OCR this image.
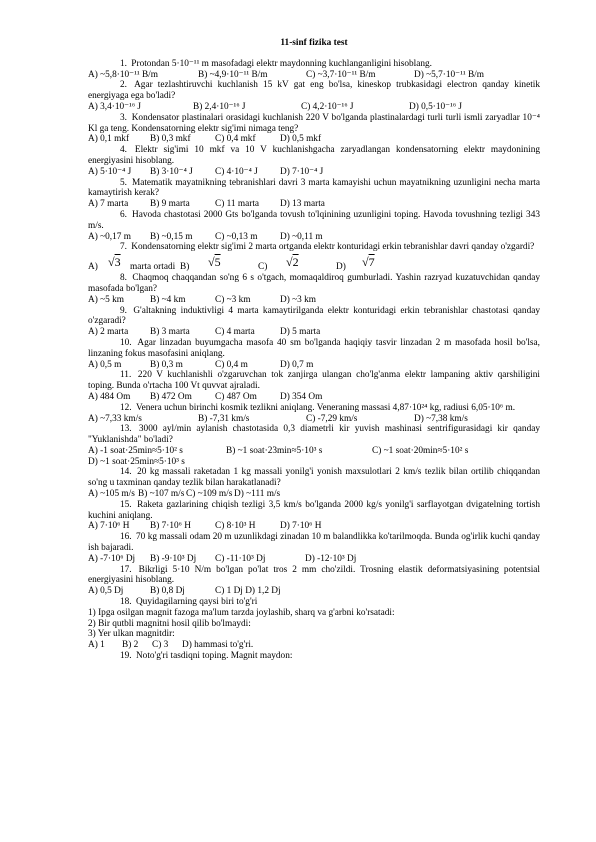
11-sinf fizika test

1. Protondan 5·10⁻¹¹ m masofadagi elektr maydonning kuchlanganligini hisoblang.

A) ~5,8·10⁻¹¹ B/m	B) ~4,9·10⁻¹¹ B/m	C) ~3,7·10⁻¹¹ B/m	D) ~5,7·10⁻¹¹ B/m

2. Agar tezlashtiruvchi kuchlanish 15 kV gat eng bo'lsa, kineskop trubkasidagi electron qanday kinetik energiyaga ega bo'ladi?

A) 3,4·10⁻¹⁶ J	B) 2,4·10⁻¹⁶ J	C) 4,2·10⁻¹⁶ J	D) 0,5·10⁻¹⁶ J

3. Kondensator plastinalari orasidagi kuchlanish 220 V bo'lganda plastinalardagi turli turli ismli zaryadlar 10⁻⁴ Kl ga teng. Kondensatorning elektr sig'imi nimaga teng?

A) 0,1 mkf	B) 0,3 mkf	C) 0,4 mkf	D) 0,5 mkf

4. Elektr sig'imi 10 mkf va 10 V kuchlanishgacha zaryadlangan kondensatorning elektr maydonining energiyasini hisoblang.

A) 5·10⁻⁴ J	B) 3·10⁻⁴ J	C) 4·10⁻⁴ J	D) 7·10⁻⁴ J

5. Matematik mayatnikning tebranishlari davri 3 marta kamayishi uchun mayatnikning uzunligini necha marta kamaytirish kerak?

A) 7 marta	B) 9 marta	C) 11 marta	D) 13 marta

6. Havoda chastotasi 2000 Gts bo'lganda tovush to'lqinining uzunligini toping. Havoda tovushning tezligi 343 m/s.

A) ~0,17 m	B) ~0,15 m	C) ~0,13 m	D) ~0,11 m

7. Kondensatorning elektr sig'imi 2 marta ortganda elektr konturidagi erkin tebranishlar davri qanday o'zgardi?

A) √3	marta ortadi B)	√5	C)	√2	D)	√7

8. Chaqmoq chaqqandan so'ng 6 s o'tgach, momaqaldiroq gumburladi. Yashin razryad kuzatuvchidan qanday masofada bo'lgan?

A) ~5 km	B) ~4 km	C) ~3 km	D) ~3 km

9. G'altakning induktivligi 4 marta kamaytirilganda elektr konturidagi erkin tebranishlar chastotasi qanday o'zgaradi?

A) 2 marta	B) 3 marta	C) 4 marta	D) 5 marta

10. Agar linzadan buyumgacha masofa 40 sm bo'lganda haqiqiy tasvir linzadan 2 m masofada hosil bo'lsa, linzaning fokus masofasini aniqlang.

A) 0,5 m	B) 0,3 m	C) 0,4 m	D) 0,7 m

11. 220 V kuchlanishli o'zgaruvchan tok zanjirga ulangan cho'lg'anma elektr lampaning aktiv qarshiligini toping. Bunda o'rtacha 100 Vt quvvat ajraladi.

A) 484 Om	B) 472 Om	C) 487 Om	D) 354 Om

12. Venera uchun birinchi kosmik tezlikni aniqlang. Veneraning massasi 4,87·10²⁴ kg, radiusi 6,05·10⁶ m.

A) ~7,33 km/s	B) -7,31 km/s	C) -7,29 km/s	D) ~7,38 km/s

13. 3000 ayl/min aylanish chastotasida 0,3 diametrli kir yuvish mashinasi sentrifigurasidagi kir qanday "Yuklanishda" bo'ladi?

A) -1 soat·25min≈5·10² s	B) ~1 soat·23min≈5·10³ s	C) ~1 soat·20min≈5·10² s

D) ~1 soat·25min≈5·10³ s

14. 20 kg massali raketadan 1 kg massali yonilg'i yonish maxsulotlari 2 km/s tezlik bilan ortilib chiqqandan so'ng u taxminan qanday tezlik bilan harakatlanadi?

A) ~105 m/s B) ~107 m/s C) ~109 m/s D) ~111 m/s

15. Raketa gazlarining chiqish tezligi 3,5 km/s bo'lganda 2000 kg/s yonilg'i sarflayotgan dvigatelning tortish kuchini aniqlang.

A) 7·10⁶ H	B) 7·10⁶ H	C) 8·10³ H	D) 7·10⁶ H

16. 70 kg massali odam 20 m uzunlikdagi zinadan 10 m balandlikka ko'tarilmoqda. Bunda og'irlik kuchi qanday ish bajaradi.

A) -7·10⁶ Dj	B) -9·10³ Dj	C) -11·10³ Dj	D) -12·10³ Dj

17. Bikrligi 5·10 N/m bo'lgan po'lat tros 2 mm cho'zildi. Trosning elastik deformatsiyasining potentsial energiyasini hisoblang.

A) 0,5 Dj	B) 0,8 Dj	C) 1 Dj D) 1,2 Dj

18. Quyidagilarning qaysi biri to'g'ri

1) Ipga osilgan magnit fazoga ma'lum tarzda joylashib, sharq va g'arbni ko'rsatadi:

2) Bir qutbli magnitni hosil qilib bo'lmaydi:

3) Yer ulkan magnitdir:

A) 1	B) 2	C) 3	D) hammasi to'g'ri.

19. Noto'g'ri tasdiqni toping. Magnit maydon:
